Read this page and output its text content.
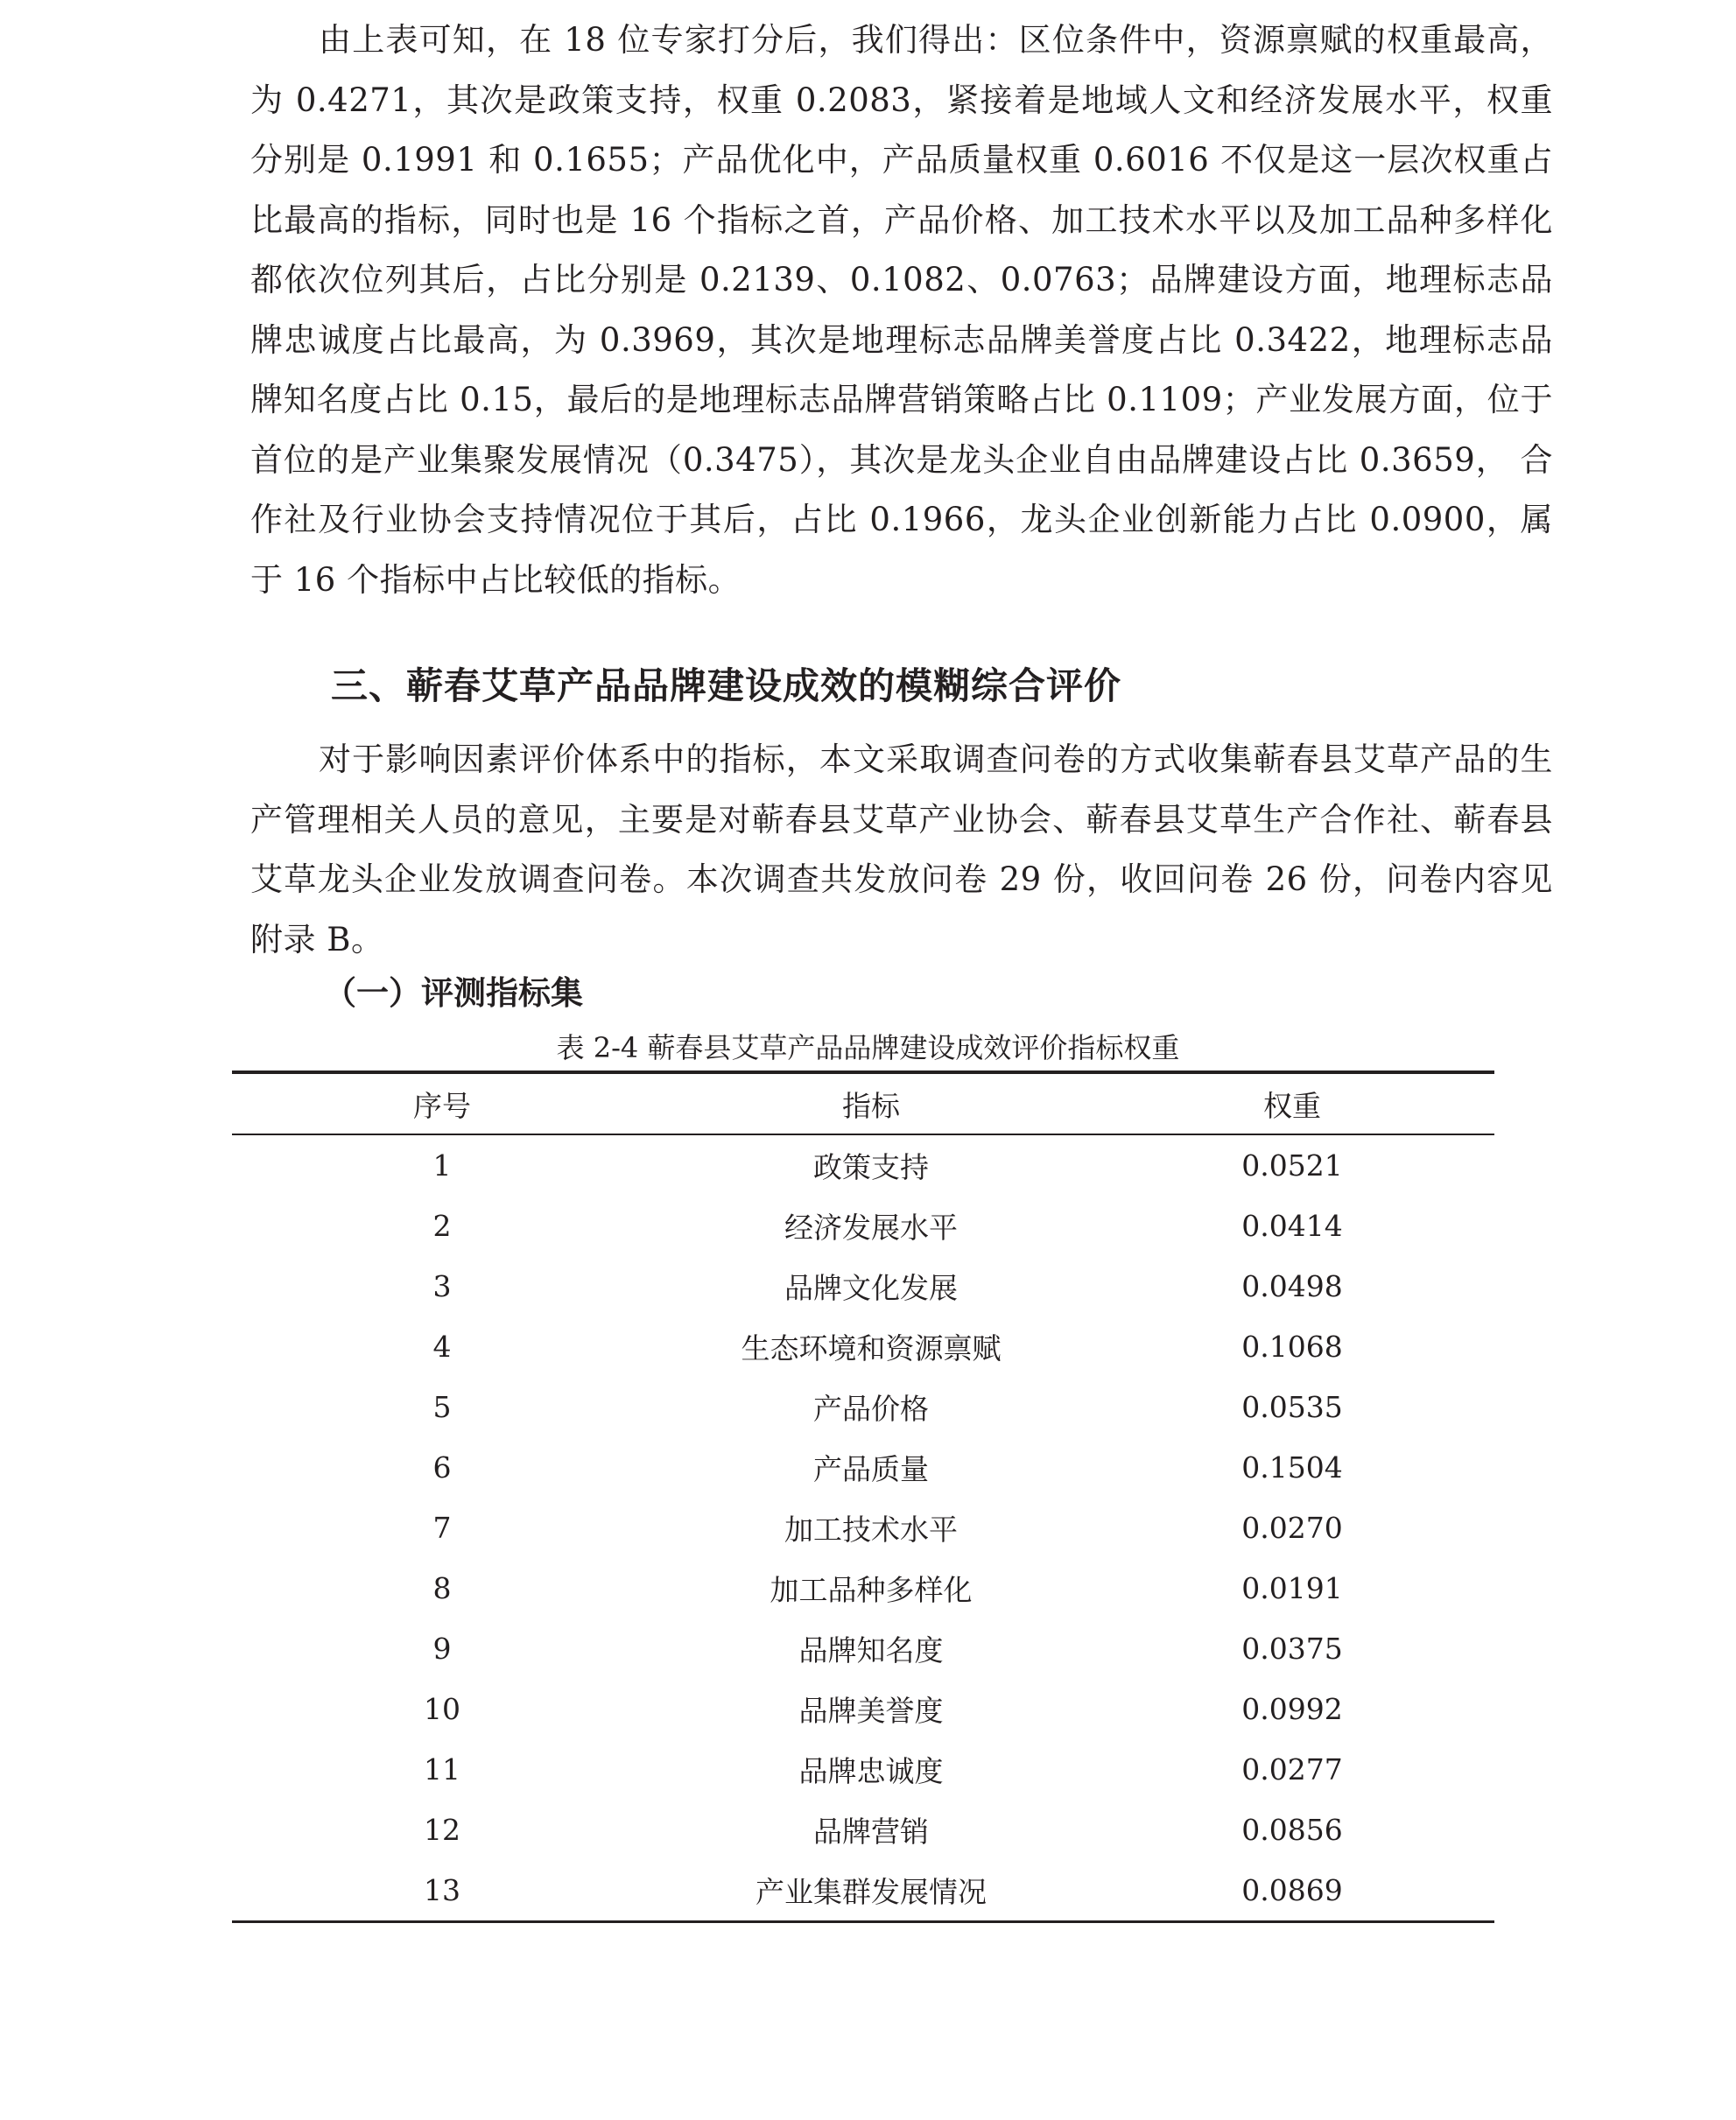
由上表可知，在 18 位专家打分后，我们得出：区位条件中，资源禀赋的权重最高，为 0.4271，其次是政策支持，权重 0.2083，紧接着是地域人文和经济发展水平，权重分别是 0.1991 和 0.1655；产品优化中，产品质量权重 0.6016 不仅是这一层次权重占比最高的指标，同时也是 16 个指标之首，产品价格、加工技术水平以及加工品种多样化都依次位列其后，占比分别是 0.2139、0.1082、0.0763；品牌建设方面，地理标志品牌忠诚度占比最高，为 0.3969，其次是地理标志品牌美誉度占比 0.3422，地理标志品牌知名度占比 0.15，最后的是地理标志品牌营销策略占比 0.1109；产业发展方面，位于首位的是产业集聚发展情况（0.3475），其次是龙头企业自由品牌建设占比 0.3659， 合作社及行业协会支持情况位于其后，占比 0.1966，龙头企业创新能力占比 0.0900，属于 16 个指标中占比较低的指标。

三、蕲春艾草产品品牌建设成效的模糊综合评价

对于影响因素评价体系中的指标，本文采取调查问卷的方式收集蕲春县艾草产品的生产管理相关人员的意见，主要是对蕲春县艾草产业协会、蕲春县艾草生产合作社、蕲春县艾草龙头企业发放调查问卷。本次调查共发放问卷 29 份，收回问卷 26 份，问卷内容见附录 B。

（一）评测指标集
表 2-4 蕲春县艾草产品品牌建设成效评价指标权重
序号	指标	权重
1	政策支持	0.0521
2	经济发展水平	0.0414
3	品牌文化发展	0.0498
4	生态环境和资源禀赋	0.1068
5	产品价格	0.0535
6	产品质量	0.1504
7	加工技术水平	0.0270
8	加工品种多样化	0.0191
9	品牌知名度	0.0375
10	品牌美誉度	0.0992
11	品牌忠诚度	0.0277
12	品牌营销	0.0856
13	产业集群发展情况	0.0869
